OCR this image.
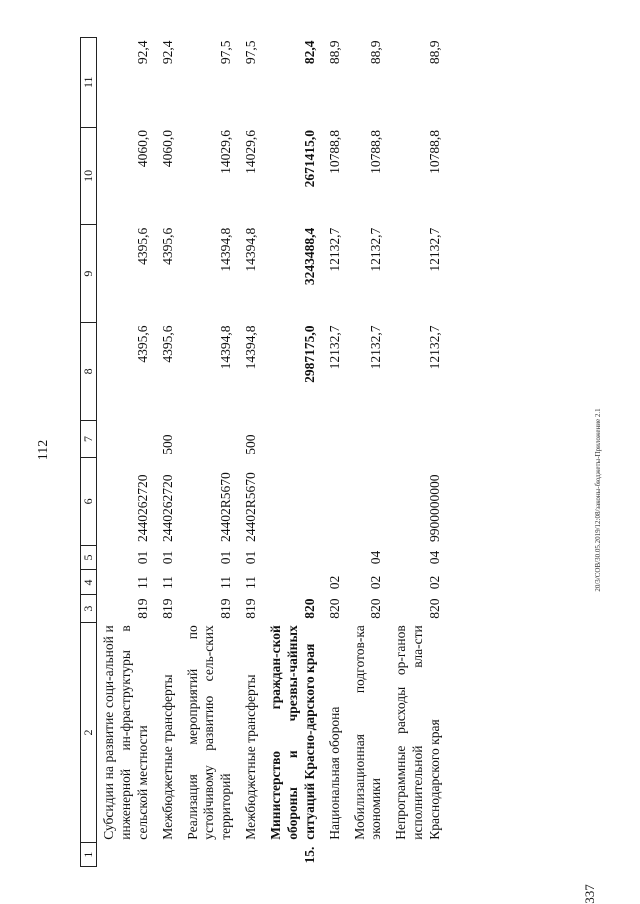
112	20/3/СОВ/30.05.2019/12:08/законы-бюджеты-Приложение 2.1
337
1	2	3	4	5	6	7	8	9	10	11
	Субсидии на развитие соци-альной и инженерной ин-фраструктуры в сельской местности	819	11	01	2440262720		4395,6	4395,6	4060,0	92,4
	Межбюджетные трансферты	819	11	01	2440262720	500	4395,6	4395,6	4060,0	92,4
	Реализация мероприятий по устойчивому развитию сель-ских территорий	819	11	01	24402R5670		14394,8	14394,8	14029,6	97,5
	Межбюджетные трансферты	819	11	01	24402R5670	500	14394,8	14394,8	14029,6	97,5
15.	Министерство граждан-ской обороны и чрезвы-чайных ситуаций Красно-дарского края	820					2987175,0	3243488,4	2671415,0	82,4
	Национальная оборона	820	02				12132,7	12132,7	10788,8	88,9
	Мобилизационная подготов-ка экономики	820	02	04			12132,7	12132,7	10788,8	88,9
	Непрограммные расходы ор-ганов исполнительной вла-сти Краснодарского края	820	02	04	9900000000		12132,7	12132,7	10788,8	88,9
